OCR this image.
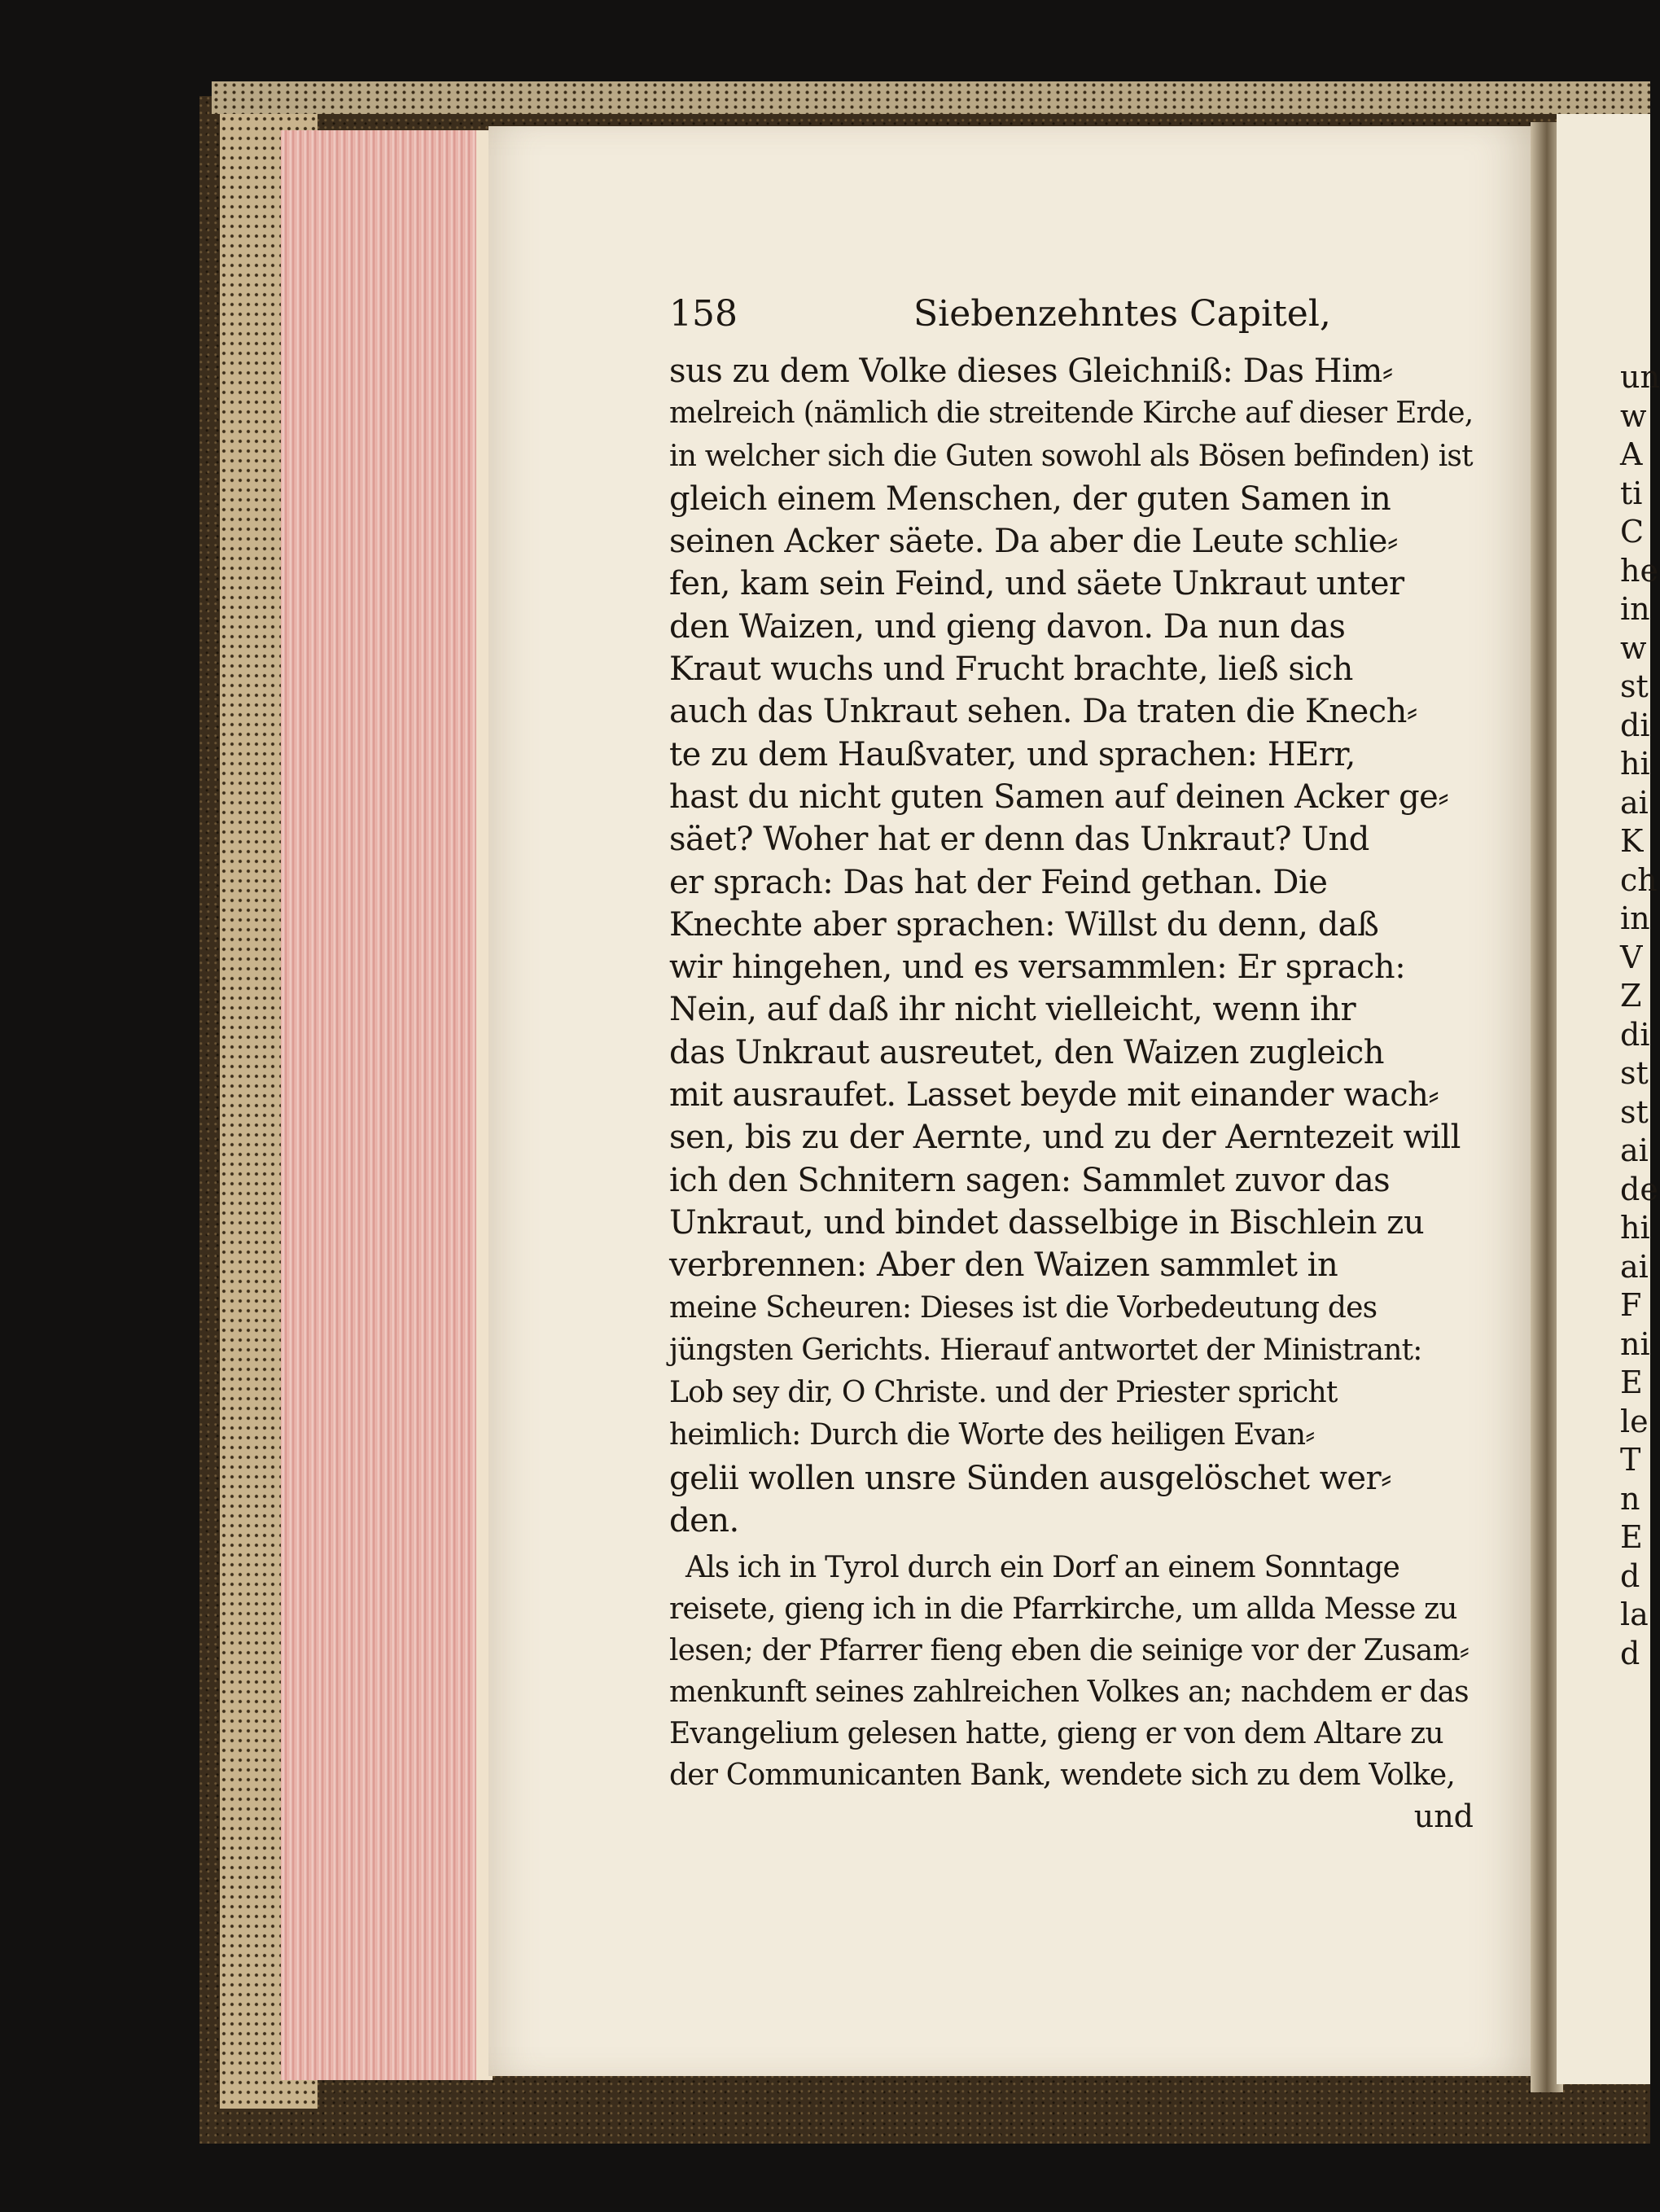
158	Siebenzehntes Capitel,
sus zu dem Volke dieses Gleichniß: Das Him⸗
melreich (nämlich die streitende Kirche auf dieser Erde,
in welcher sich die Guten sowohl als Bösen befinden) ist
gleich einem Menschen, der guten Samen in
seinen Acker säete. Da aber die Leute schlie⸗
fen, kam sein Feind, und säete Unkraut unter
den Waizen, und gieng davon. Da nun das
Kraut wuchs und Frucht brachte, ließ sich
auch das Unkraut sehen. Da traten die Knech⸗
te zu dem Haußvater, und sprachen: HErr,
hast du nicht guten Samen auf deinen Acker ge⸗
säet? Woher hat er denn das Unkraut? Und
er sprach: Das hat der Feind gethan. Die
Knechte aber sprachen: Willst du denn, daß
wir hingehen, und es versammlen: Er sprach:
Nein, auf daß ihr nicht vielleicht, wenn ihr
das Unkraut ausreutet, den Waizen zugleich
mit ausraufet. Lasset beyde mit einander wach⸗
sen, bis zu der Aernte, und zu der Aerntezeit will
ich den Schnitern sagen: Sammlet zuvor das
Unkraut, und bindet dasselbige in Bischlein zu
verbrennen: Aber den Waizen sammlet in
meine Scheuren: Dieses ist die Vorbedeutung des
jüngsten Gerichts. Hierauf antwortet der Ministrant:
Lob sey dir, O Christe. und der Priester spricht
heimlich: Durch die Worte des heiligen Evan⸗
gelii wollen unsre Sünden ausgelöschet wer⸗
den.
Als ich in Tyrol durch ein Dorf an einem Sonntage
reisete, gieng ich in die Pfarrkirche, um allda Messe zu
lesen; der Pfarrer fieng eben die seinige vor der Zusam⸗
menkunft seines zahlreichen Volkes an; nachdem er das
Evangelium gelesen hatte, gieng er von dem Altare zu
der Communicanten Bank, wendete sich zu dem Volke,
und
un
w
A
ti
C
he
in
w
st
di
hi
ai
K
ch
in
V
Z
di
st
st
ai
de
hi
ai
F
ni
E
le
T
n
E
d
la
d
